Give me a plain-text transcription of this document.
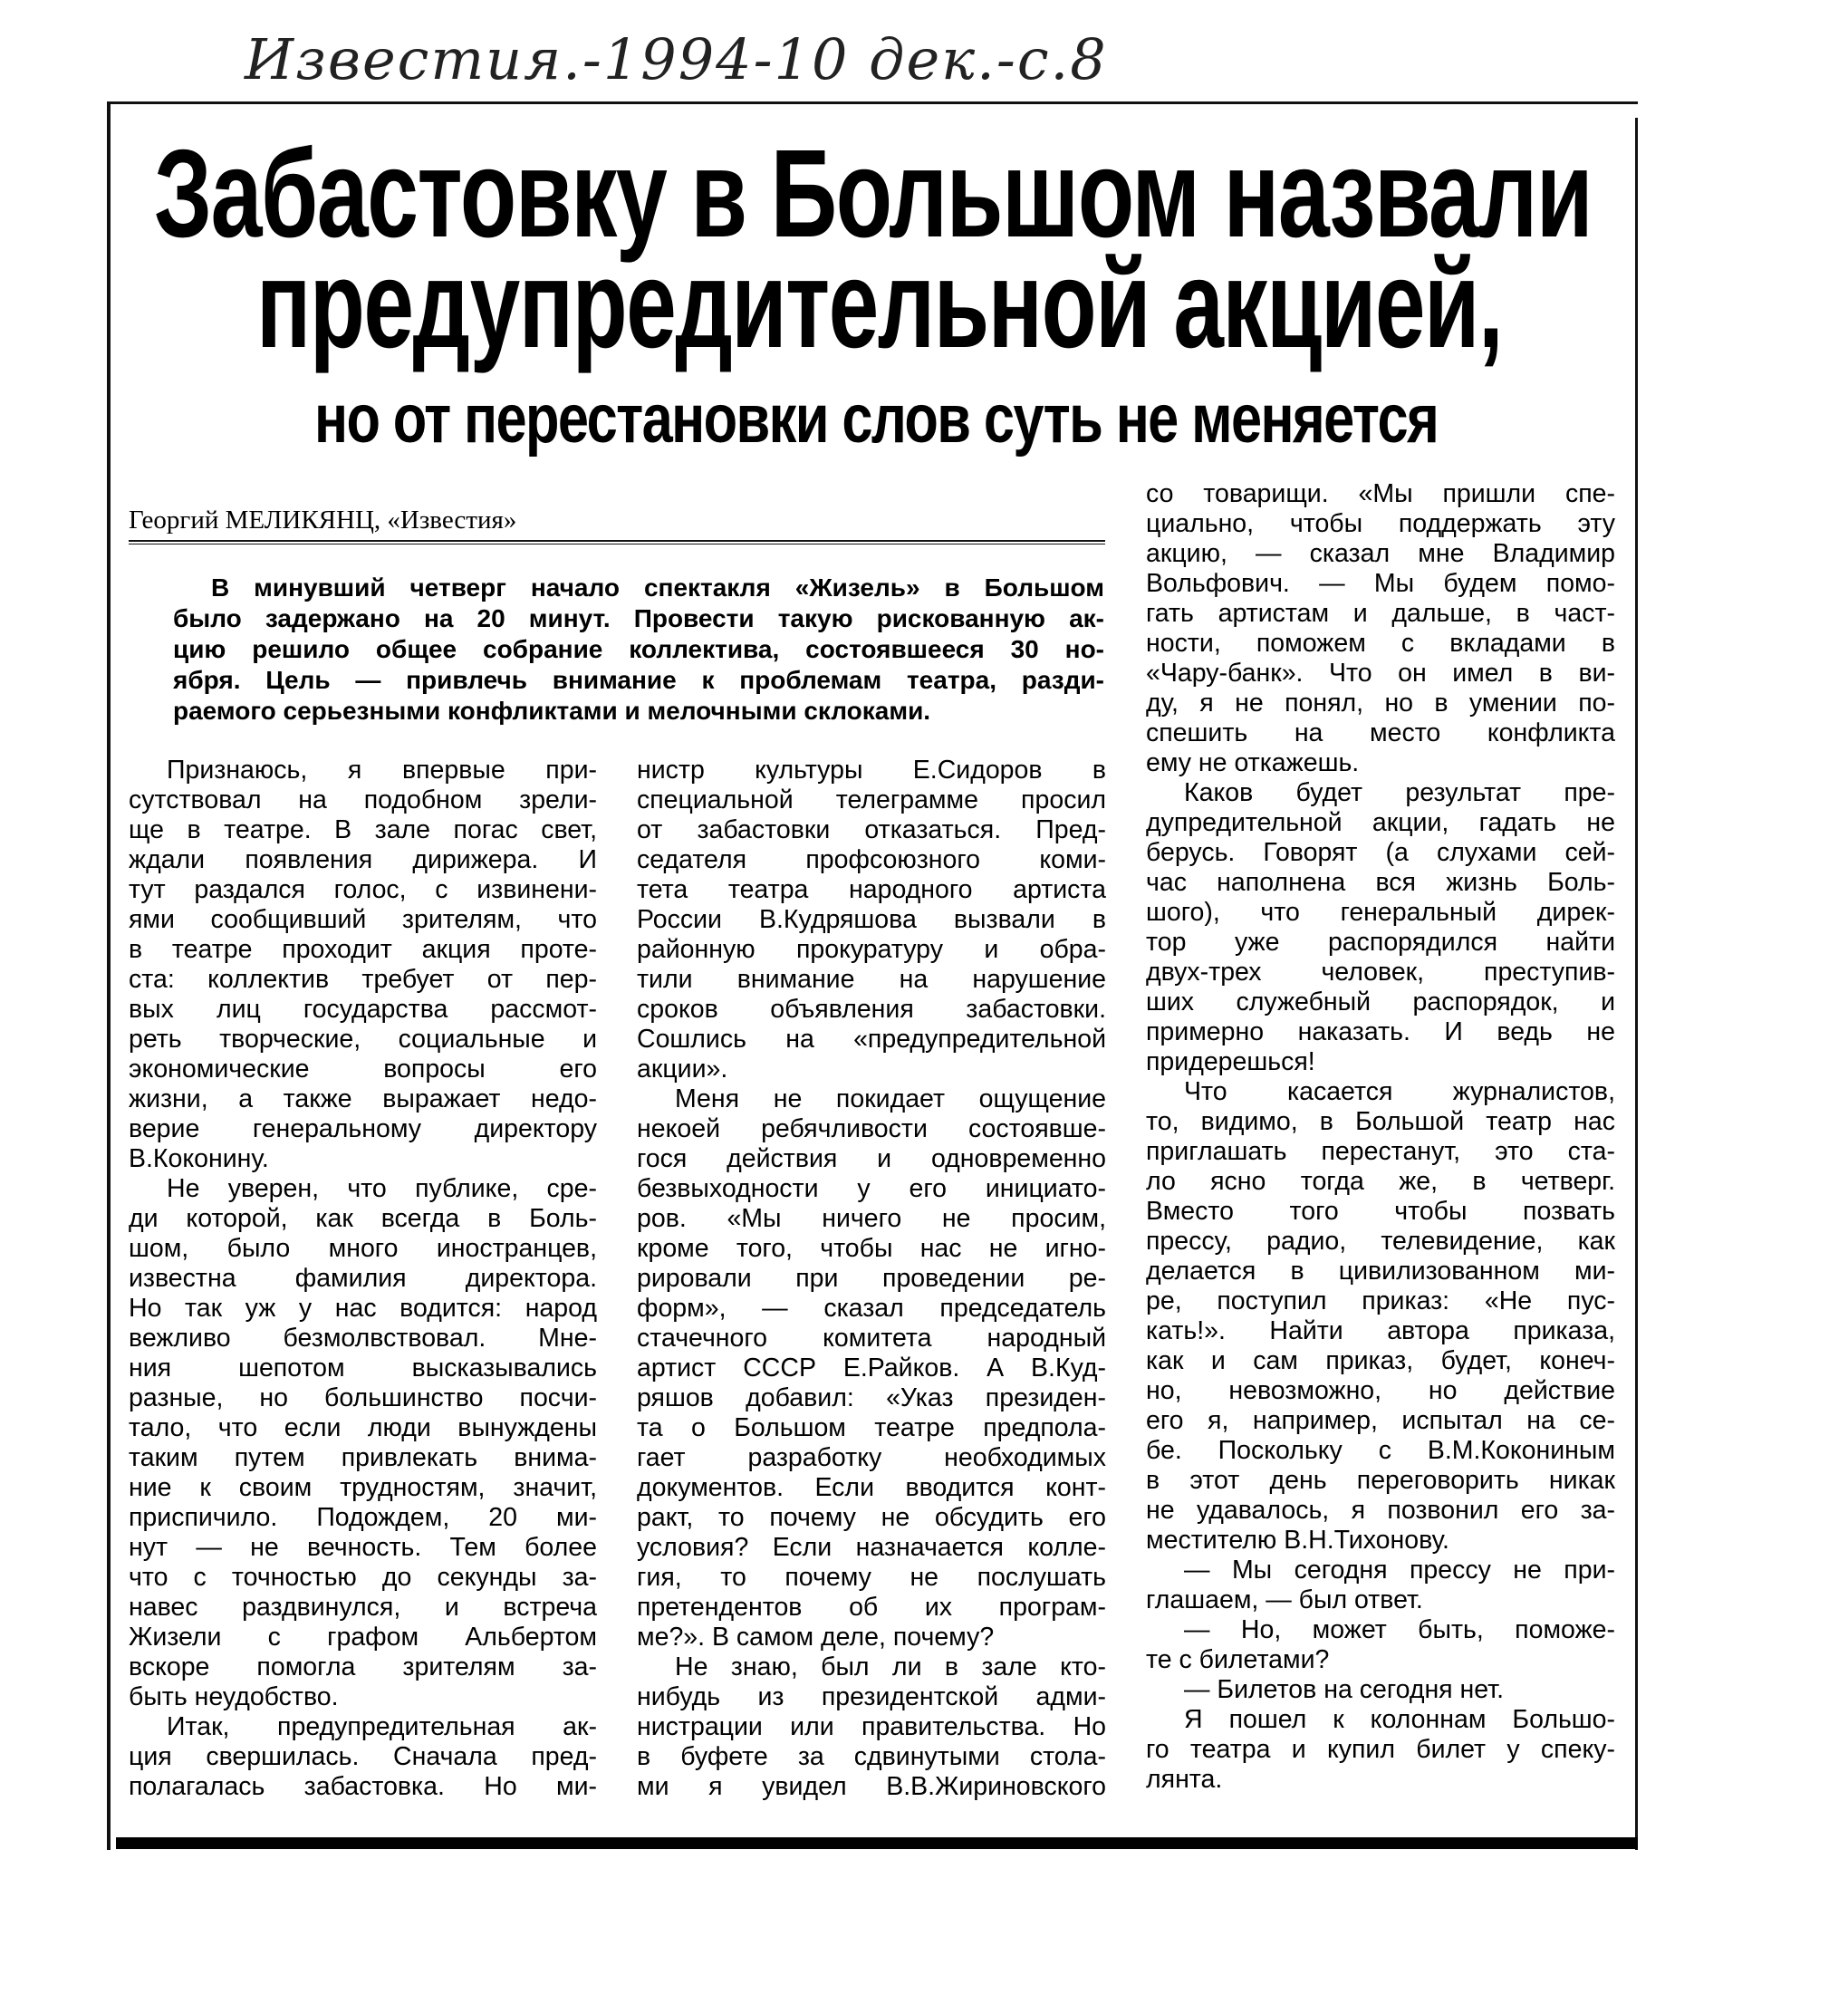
Известия.-1994-10 дек.-с.8
Забастовку в Большом назвали
предупредительной акцией,
но от перестановки слов суть не меняется
Георгий МЕЛИКЯНЦ, «Известия»
В минувший четверг начало спектакля «Жизель» в Большом
было задержано на 20 минут. Провести такую рискованную ак-
цию решило общее собрание коллектива, состоявшееся 30 но-
ября. Цель — привлечь внимание к проблемам театра, разди-
раемого серьезными конфликтами и мелочными склоками.
Признаюсь, я впервые при-
сутствовал на подобном зрели-
ще в театре. В зале погас свет,
ждали появления дирижера. И
тут раздался голос, с извинени-
ями сообщивший зрителям, что
в театре проходит акция проте-
ста: коллектив требует от пер-
вых лиц государства рассмот-
реть творческие, социальные и
экономические вопросы его
жизни, а также выражает недо-
верие генеральному директору
В.Коконину.
Не уверен, что публике, сре-
ди которой, как всегда в Боль-
шом, было много иностранцев,
известна фамилия директора.
Но так уж у нас водится: народ
вежливо безмолвствовал. Мне-
ния шепотом высказывались
разные, но большинство посчи-
тало, что если люди вынуждены
таким путем привлекать внима-
ние к своим трудностям, значит,
приспичило. Подождем, 20 ми-
нут — не вечность. Тем более
что с точностью до секунды за-
навес раздвинулся, и встреча
Жизели с графом Альбертом
вскоре помогла зрителям за-
быть неудобство.
Итак, предупредительная ак-
ция свершилась. Сначала пред-
полагалась забастовка. Но ми-
нистр культуры Е.Сидоров в
специальной телеграмме просил
от забастовки отказаться. Пред-
седателя профсоюзного коми-
тета театра народного артиста
России В.Кудряшова вызвали в
районную прокуратуру и обра-
тили внимание на нарушение
сроков объявления забастовки.
Сошлись на «предупредительной
акции».
Меня не покидает ощущение
некоей ребячливости состоявше-
гося действия и одновременно
безвыходности у его инициато-
ров. «Мы ничего не просим,
кроме того, чтобы нас не игно-
рировали при проведении ре-
форм», — сказал председатель
стачечного комитета народный
артист СССР Е.Райков. А В.Куд-
ряшов добавил: «Указ президен-
та о Большом театре предпола-
гает разработку необходимых
документов. Если вводится конт-
ракт, то почему не обсудить его
условия? Если назначается колле-
гия, то почему не послушать
претендентов об их програм-
ме?». В самом деле, почему?
Не знаю, был ли в зале кто-
нибудь из президентской адми-
нистрации или правительства. Но
в буфете за сдвинутыми стола-
ми я увидел В.В.Жириновского
со товарищи. «Мы пришли спе-
циально, чтобы поддержать эту
акцию, — сказал мне Владимир
Вольфович. — Мы будем помо-
гать артистам и дальше, в част-
ности, поможем с вкладами в
«Чару-банк». Что он имел в ви-
ду, я не понял, но в умении по-
спешить на место конфликта
ему не откажешь.
Каков будет результат пре-
дупредительной акции, гадать не
берусь. Говорят (а слухами сей-
час наполнена вся жизнь Боль-
шого), что генеральный дирек-
тор уже распорядился найти
двух-трех человек, преступив-
ших служебный распорядок, и
примерно наказать. И ведь не
придерешься!
Что касается журналистов,
то, видимо, в Большой театр нас
приглашать перестанут, это ста-
ло ясно тогда же, в четверг.
Вместо того чтобы позвать
прессу, радио, телевидение, как
делается в цивилизованном ми-
ре, поступил приказ: «Не пус-
кать!». Найти автора приказа,
как и сам приказ, будет, конеч-
но, невозможно, но действие
его я, например, испытал на се-
бе. Поскольку с В.М.Кокониным
в этот день переговорить никак
не удавалось, я позвонил его за-
местителю В.Н.Тихонову.
— Мы сегодня прессу не при-
глашаем, — был ответ.
— Но, может быть, поможе-
те с билетами?
— Билетов на сегодня нет.
Я пошел к колоннам Большо-
го театра и купил билет у спеку-
лянта.
